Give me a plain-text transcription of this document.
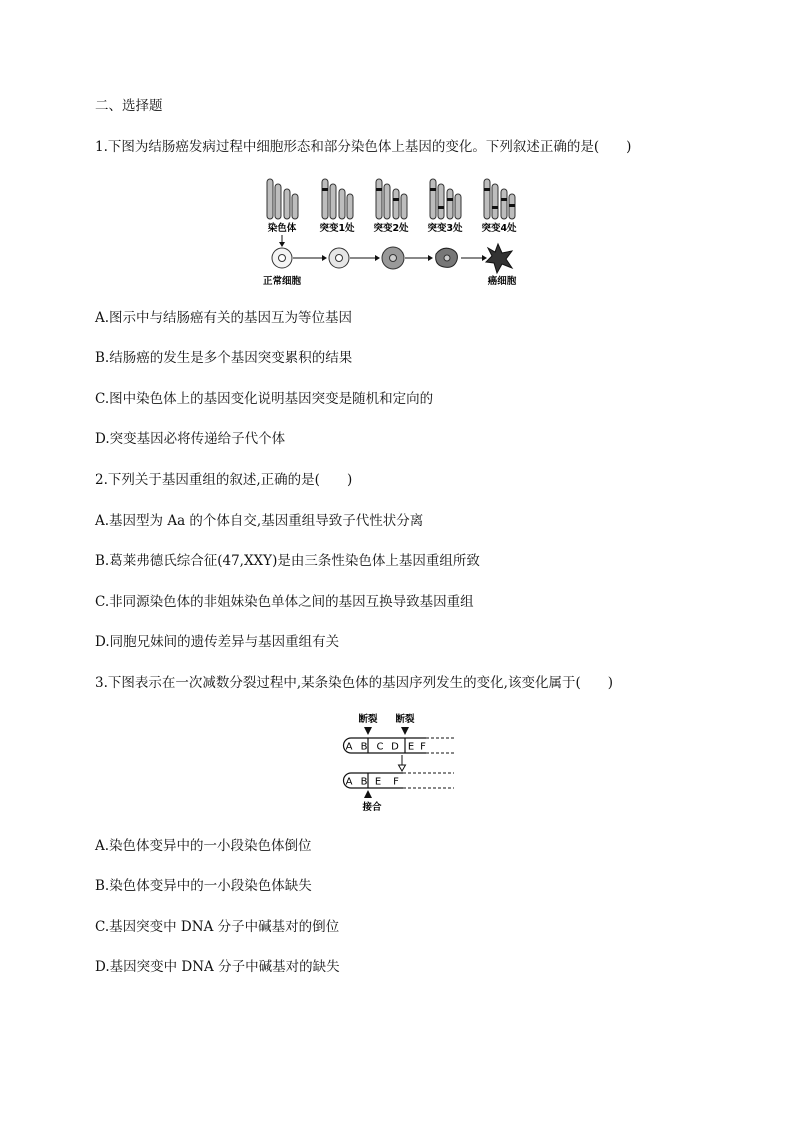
二、选择题
1.下图为结肠癌发病过程中细胞形态和部分染色体上基因的变化。下列叙述正确的是(　　)
染色体 突变1处 突变2处 突变3处 突变4处
正常细胞	癌细胞
A.图示中与结肠癌有关的基因互为等位基因
B.结肠癌的发生是多个基因突变累积的结果
C.图中染色体上的基因变化说明基因突变是随机和定向的
D.突变基因必将传递给子代个体
2.下列关于基因重组的叙述,正确的是(　　)
A.基因型为 Aa 的个体自交,基因重组导致子代性状分离
B.葛莱弗德氏综合征(47,XXY)是由三条性染色体上基因重组所致
C.非同源染色体的非姐妹染色单体之间的基因互换导致基因重组
D.同胞兄妹间的遗传差异与基因重组有关
3.下图表示在一次减数分裂过程中,某条染色体的基因序列发生的变化,该变化属于(　　)
断裂 断裂
A B C D E F
A B E F
接合
A.染色体变异中的一小段染色体倒位
B.染色体变异中的一小段染色体缺失
C.基因突变中 DNA 分子中碱基对的倒位
D.基因突变中 DNA 分子中碱基对的缺失
